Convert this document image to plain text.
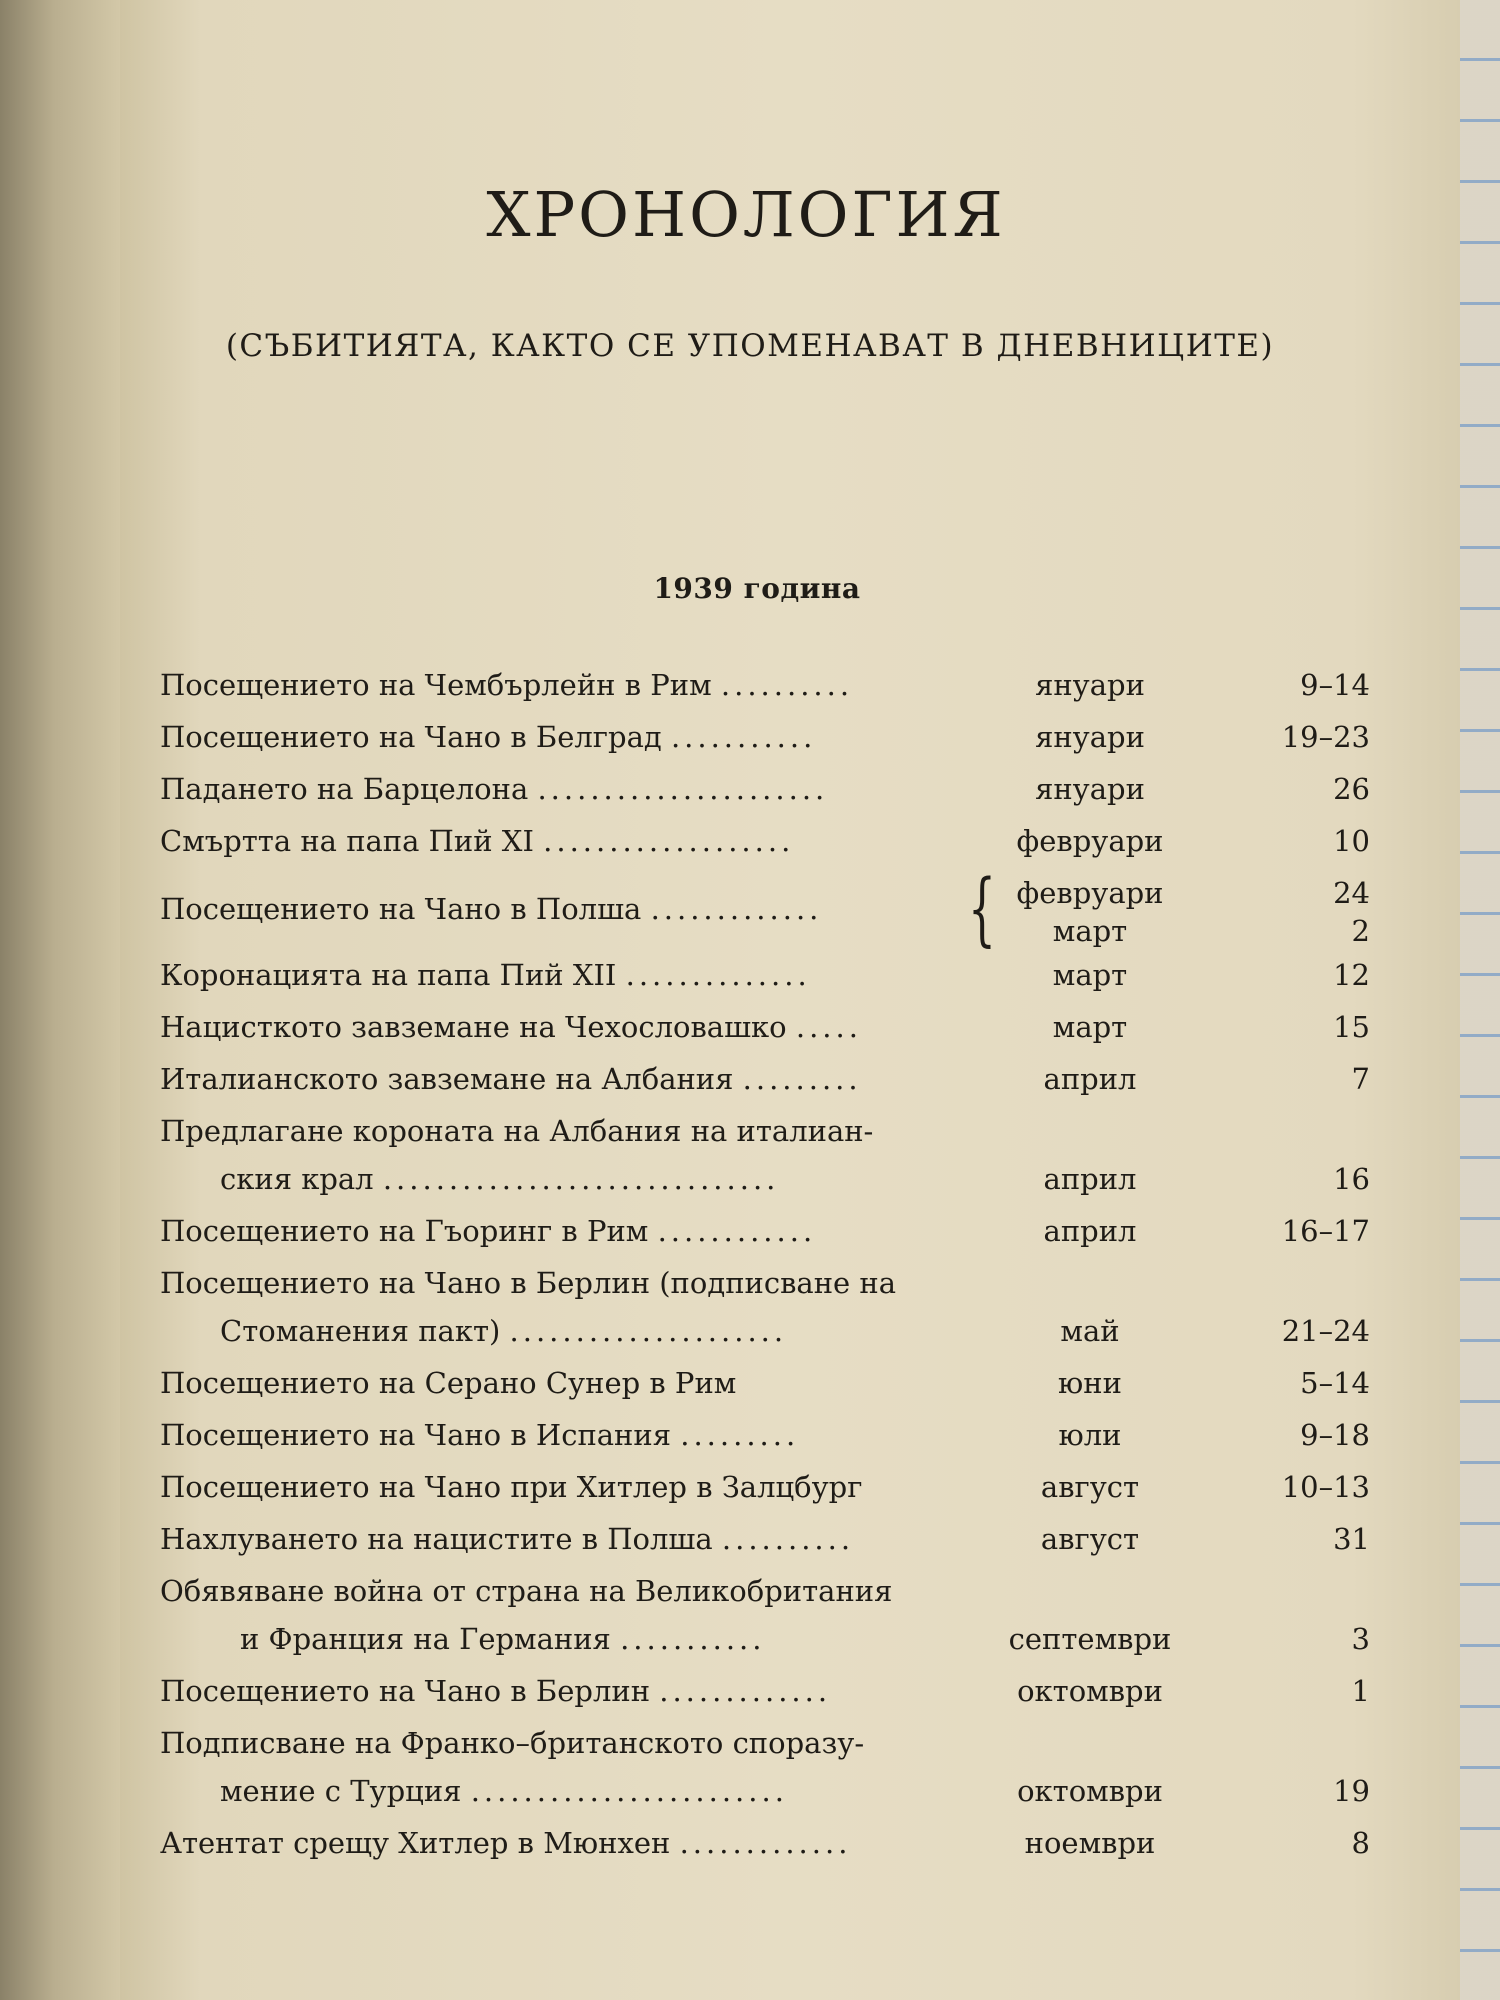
ХРОНОЛОГИЯ
(СЪБИТИЯТА, КАКТО СЕ УПОМЕНАВАТ В ДНЕВНИЦИТЕ)
1939 година
Посещението на Чембърлейн в Рим ..........	януари	9–14
Посещението на Чано в Белград ...........	януари	19–23
Падането на Барцелона ......................	януари	26
Смъртта на папа Пий XI ...................	февруари	10
Посещението на Чано в Полша .............	{ февруари	24
март	2
Коронацията на папа Пий XII ..............	март	12
Нацисткото завземане на Чехословашко .....	март	15
Италианското завземане на Албания .........	април	7
Предлагане короната на Албания на италиан-
ския крал ..............................	април	16
Посещението на Гъоринг в Рим ............	април	16–17
Посещението на Чано в Берлин (подписване на
Стоманения пакт) .....................	май	21–24
Посещението на Серано Сунер в Рим	юни	5–14
Посещението на Чано в Испания .........	юли	9–18
Посещението на Чано при Хитлер в Залцбург	август	10–13
Нахлуването на нацистите в Полша ..........	август	31
Обявяване война от страна на Великобритания
и Франция на Германия ...........	септември	3
Посещението на Чано в Берлин .............	октомври	1
Подписване на Франко–британското споразу-
мение с Турция ........................	октомври	19
Атентат срещу Хитлер в Мюнхен .............	ноември	8
